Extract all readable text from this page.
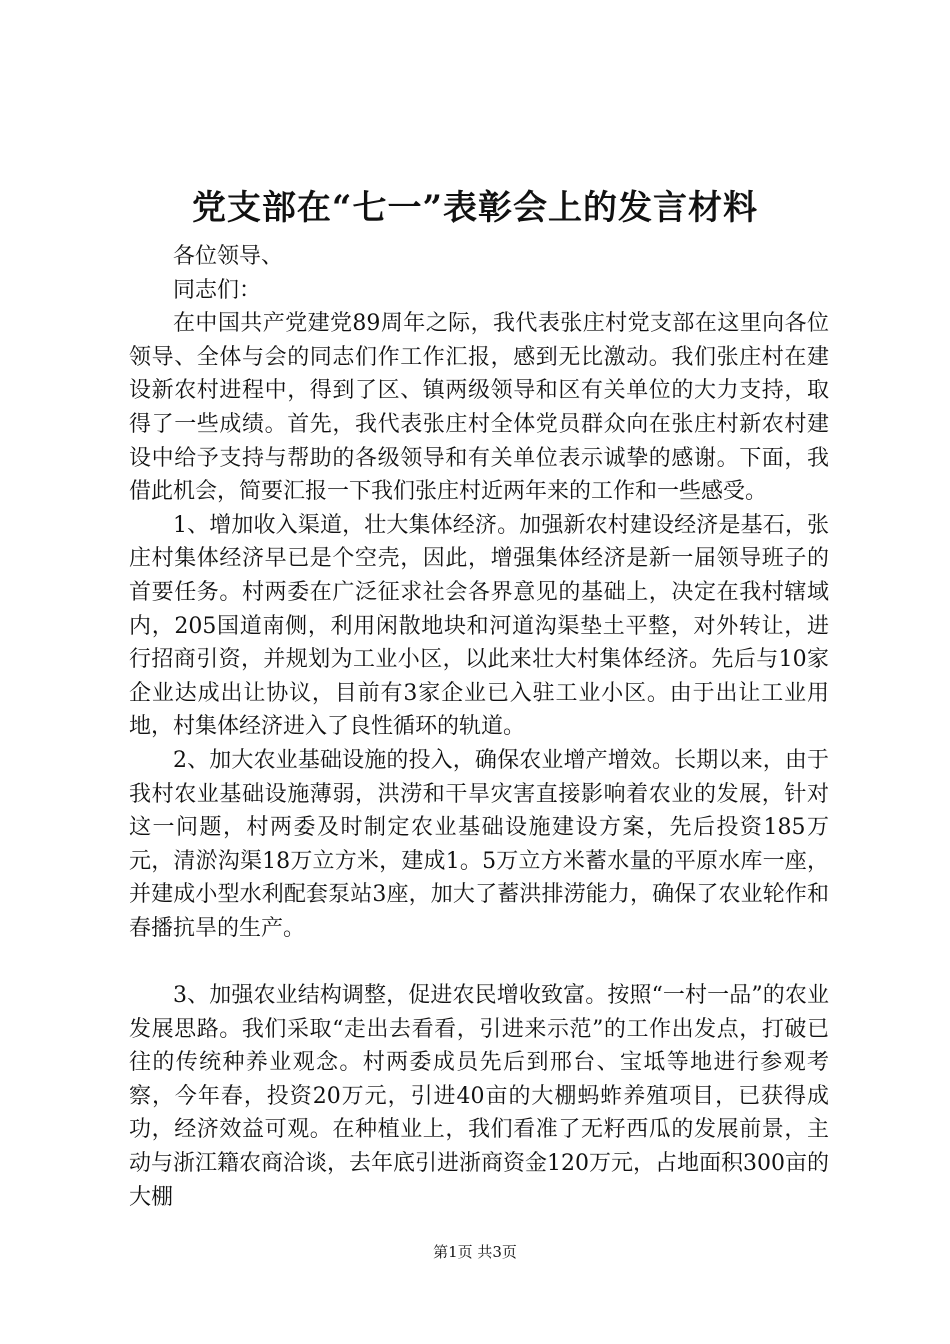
党支部在“七一”表彰会上的发言材料

各位领导、

同志们：

在中国共产党建党89周年之际，我代表张庄村党支部在这里向各位领导、全体与会的同志们作工作汇报，感到无比激动。我们张庄村在建设新农村进程中，得到了区、镇两级领导和区有关单位的大力支持，取得了一些成绩。首先，我代表张庄村全体党员群众向在张庄村新农村建设中给予支持与帮助的各级领导和有关单位表示诚挚的感谢。下面，我借此机会，简要汇报一下我们张庄村近两年来的工作和一些感受。

1、增加收入渠道，壮大集体经济。加强新农村建设经济是基石，张庄村集体经济早已是个空壳，因此，增强集体经济是新一届领导班子的首要任务。村两委在广泛征求社会各界意见的基础上，决定在我村辖域内，205国道南侧，利用闲散地块和河道沟渠垫土平整，对外转让，进行招商引资，并规划为工业小区，以此来壮大村集体经济。先后与10家企业达成出让协议，目前有3家企业已入驻工业小区。由于出让工业用地，村集体经济进入了良性循环的轨道。

2、加大农业基础设施的投入，确保农业增产增效。长期以来，由于我村农业基础设施薄弱，洪涝和干旱灾害直接影响着农业的发展，针对这一问题，村两委及时制定农业基础设施建设方案，先后投资185万元，清淤沟渠18万立方米，建成1。5万立方米蓄水量的平原水库一座，并建成小型水利配套泵站3座，加大了蓄洪排涝能力，确保了农业轮作和春播抗旱的生产。

3、加强农业结构调整，促进农民增收致富。按照“一村一品”的农业发展思路。我们采取“走出去看看，引进来示范”的工作出发点，打破已往的传统种养业观念。村两委成员先后到邢台、宝坻等地进行参观考察，今年春，投资20万元，引进40亩的大棚蚂蚱养殖项目，已获得成功，经济效益可观。在种植业上，我们看准了无籽西瓜的发展前景，主动与浙江籍农商洽谈，去年底引进浙商资金120万元，占地面积300亩的大棚

第1页 共3页
